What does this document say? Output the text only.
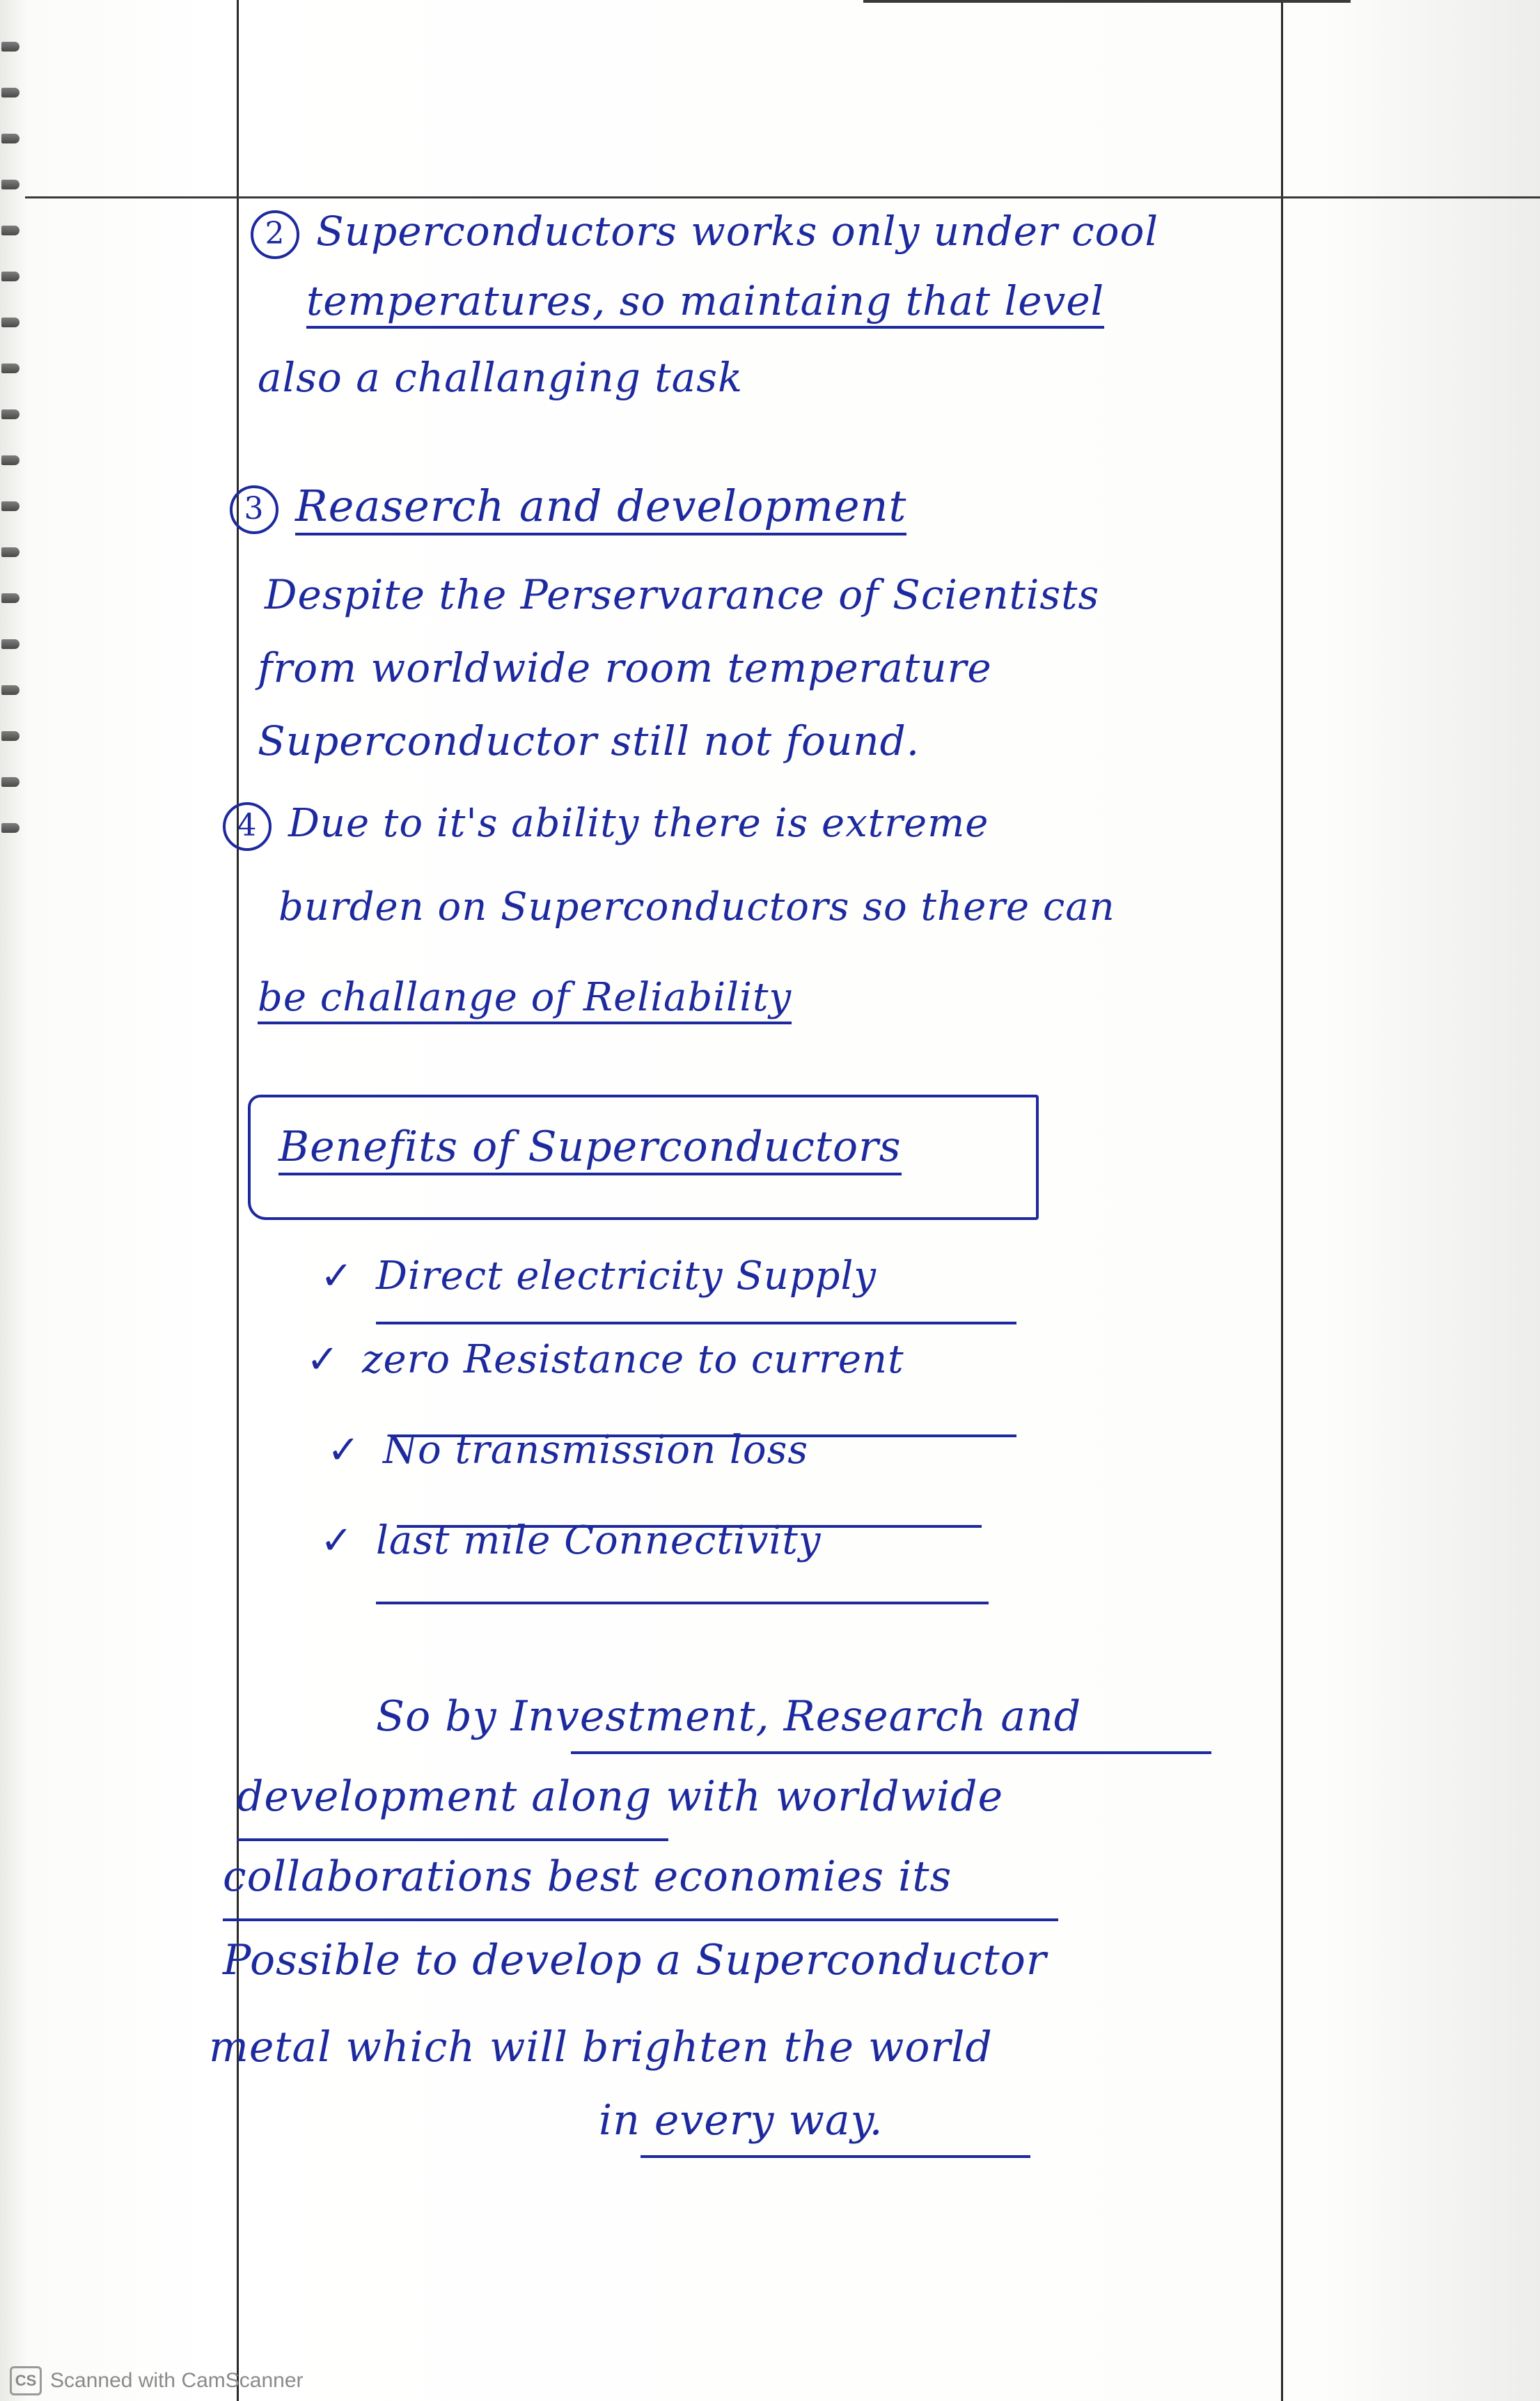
2 Superconductors works only under cool
temperatures, so maintaing that level
also a challanging task
3 Reaserch and development
Despite the Perservarance of Scientists
from worldwide room temperature
Superconductor still not found.
4 Due to it's ability there is extreme
burden on Superconductors so there can
be challange of Reliability
Benefits of Superconductors
✓ Direct electricity Supply
✓ zero Resistance to current
✓ No transmission loss
✓ last mile Connectivity
So by Investment, Research and
development along with worldwide
collaborations best economies its
Possible to develop a Superconductor
metal which will brighten the world
in every way.
CS Scanned with CamScanner
